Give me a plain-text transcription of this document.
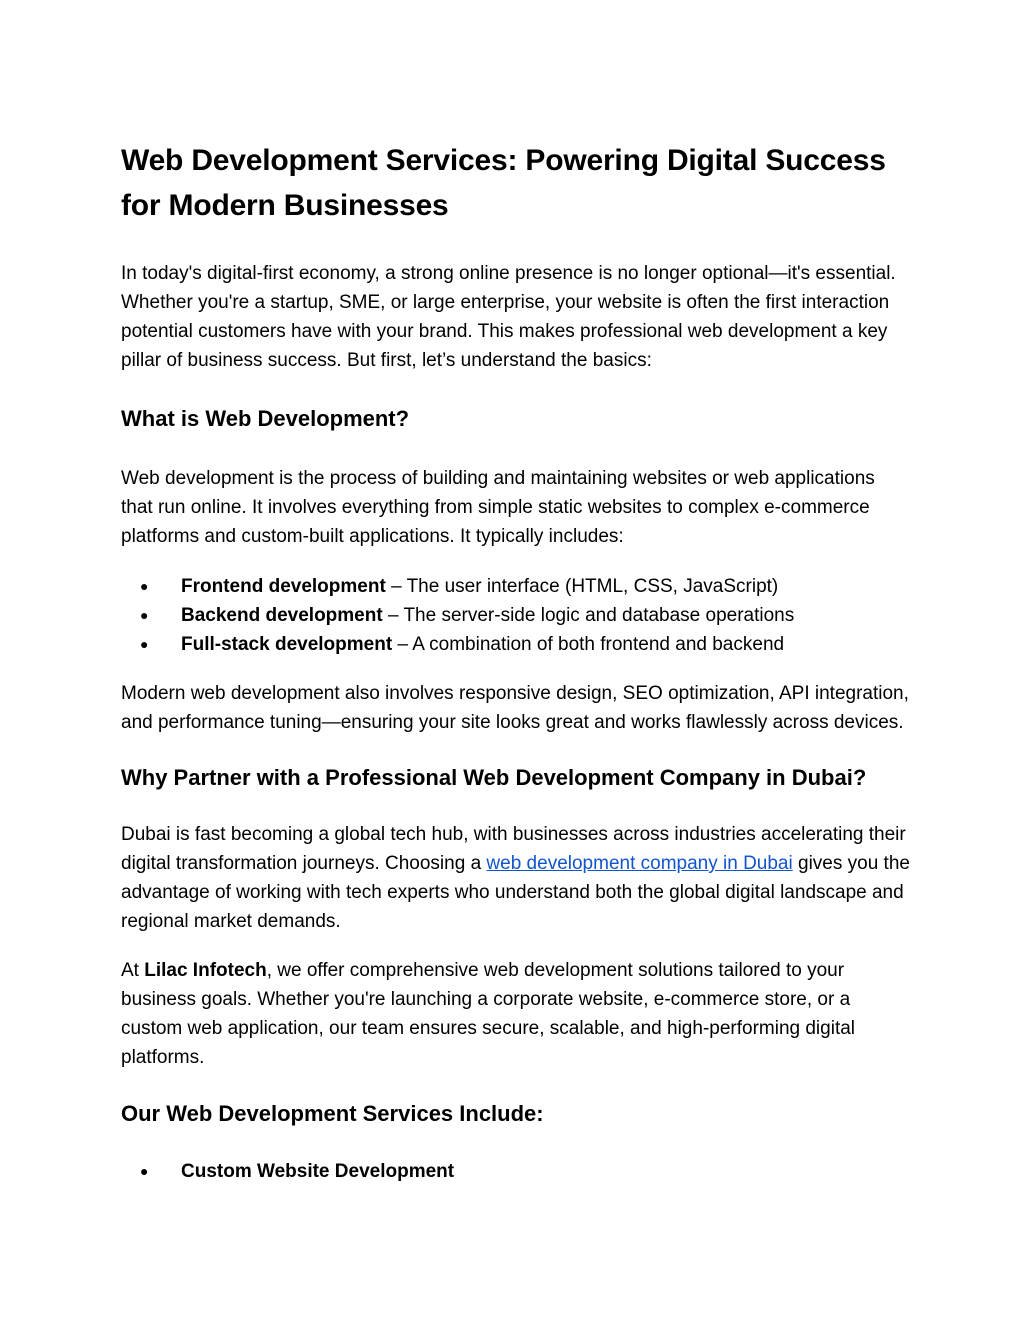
Web Development Services: Powering Digital Success for Modern Businesses

In today's digital-first economy, a strong online presence is no longer optional—it's essential. Whether you're a startup, SME, or large enterprise, your website is often the first interaction potential customers have with your brand. This makes professional web development a key pillar of business success. But first, let’s understand the basics:

What is Web Development?

Web development is the process of building and maintaining websites or web applications that run online. It involves everything from simple static websites to complex e-commerce platforms and custom-built applications. It typically includes:

● Frontend development – The user interface (HTML, CSS, JavaScript)
● Backend development – The server-side logic and database operations
● Full-stack development – A combination of both frontend and backend

Modern web development also involves responsive design, SEO optimization, API integration, and performance tuning—ensuring your site looks great and works flawlessly across devices.

Why Partner with a Professional Web Development Company in Dubai?

Dubai is fast becoming a global tech hub, with businesses across industries accelerating their digital transformation journeys. Choosing a web development company in Dubai gives you the advantage of working with tech experts who understand both the global digital landscape and regional market demands.

At Lilac Infotech, we offer comprehensive web development solutions tailored to your business goals. Whether you're launching a corporate website, e-commerce store, or a custom web application, our team ensures secure, scalable, and high-performing digital platforms.

Our Web Development Services Include:
● Custom Website Development
